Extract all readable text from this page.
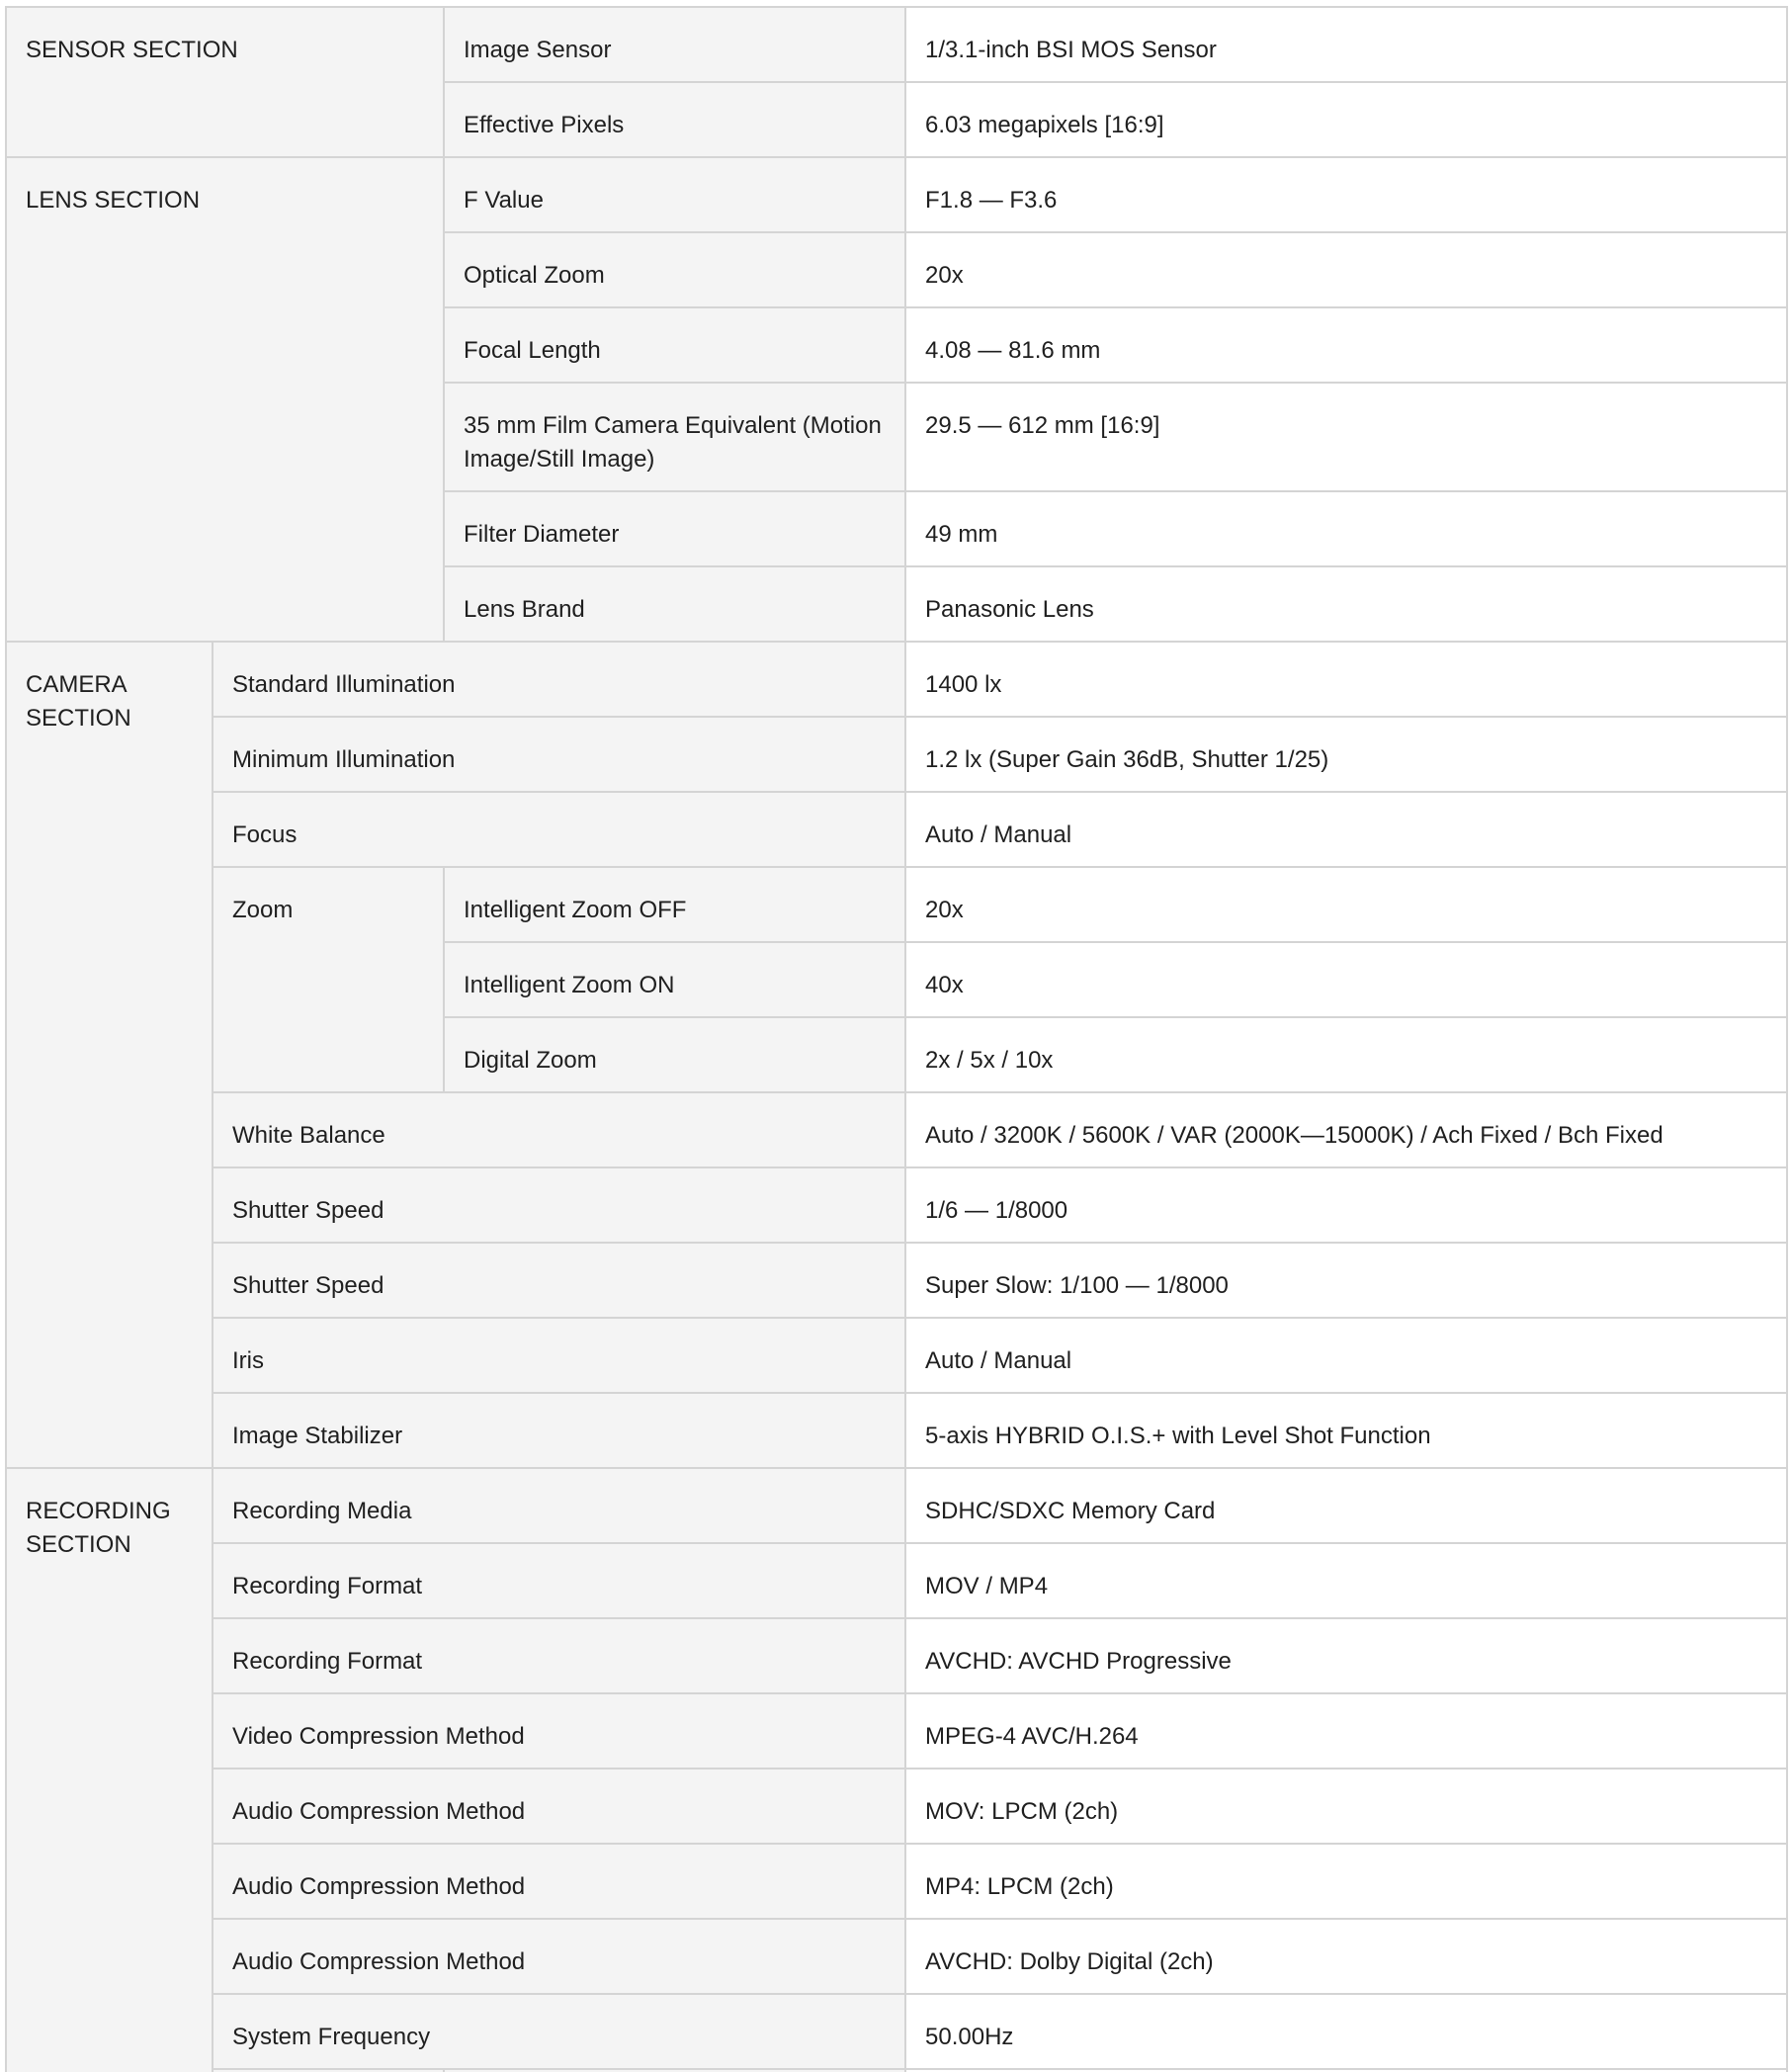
SENSOR SECTION		Image Sensor	1/3.1-inch BSI MOS Sensor
		Effective Pixels	6.03 megapixels [16:9]
LENS SECTION		F Value	F1.8 — F3.6
		Optical Zoom	20x
		Focal Length	4.08 — 81.6 mm
		35 mm Film Camera Equivalent (Motion Image/Still Image)	29.5 — 612 mm [16:9]
		Filter Diameter	49 mm
		Lens Brand	Panasonic Lens
CAMERA SECTION	Standard Illumination		1400 lx
	Minimum Illumination		1.2 lx (Super Gain 36dB, Shutter 1/25)
	Focus		Auto / Manual
	Zoom	Intelligent Zoom OFF	20x
		Intelligent Zoom ON	40x
		Digital Zoom	2x / 5x / 10x
	White Balance		Auto / 3200K / 5600K / VAR (2000K—15000K) / Ach Fixed / Bch Fixed
	Shutter Speed		1/6 — 1/8000
	Shutter Speed		Super Slow: 1/100 — 1/8000
	Iris		Auto / Manual
	Image Stabilizer		5-axis HYBRID O.I.S.+ with Level Shot Function
RECORDING SECTION	Recording Media		SDHC/SDXC Memory Card
	Recording Format		MOV / MP4
	Recording Format		AVCHD: AVCHD Progressive
	Video Compression Method		MPEG-4 AVC/H.264
	Audio Compression Method		MOV: LPCM (2ch)
	Audio Compression Method		MP4: LPCM (2ch)
	Audio Compression Method		AVCHD: Dolby Digital (2ch)
	System Frequency		50.00Hz
